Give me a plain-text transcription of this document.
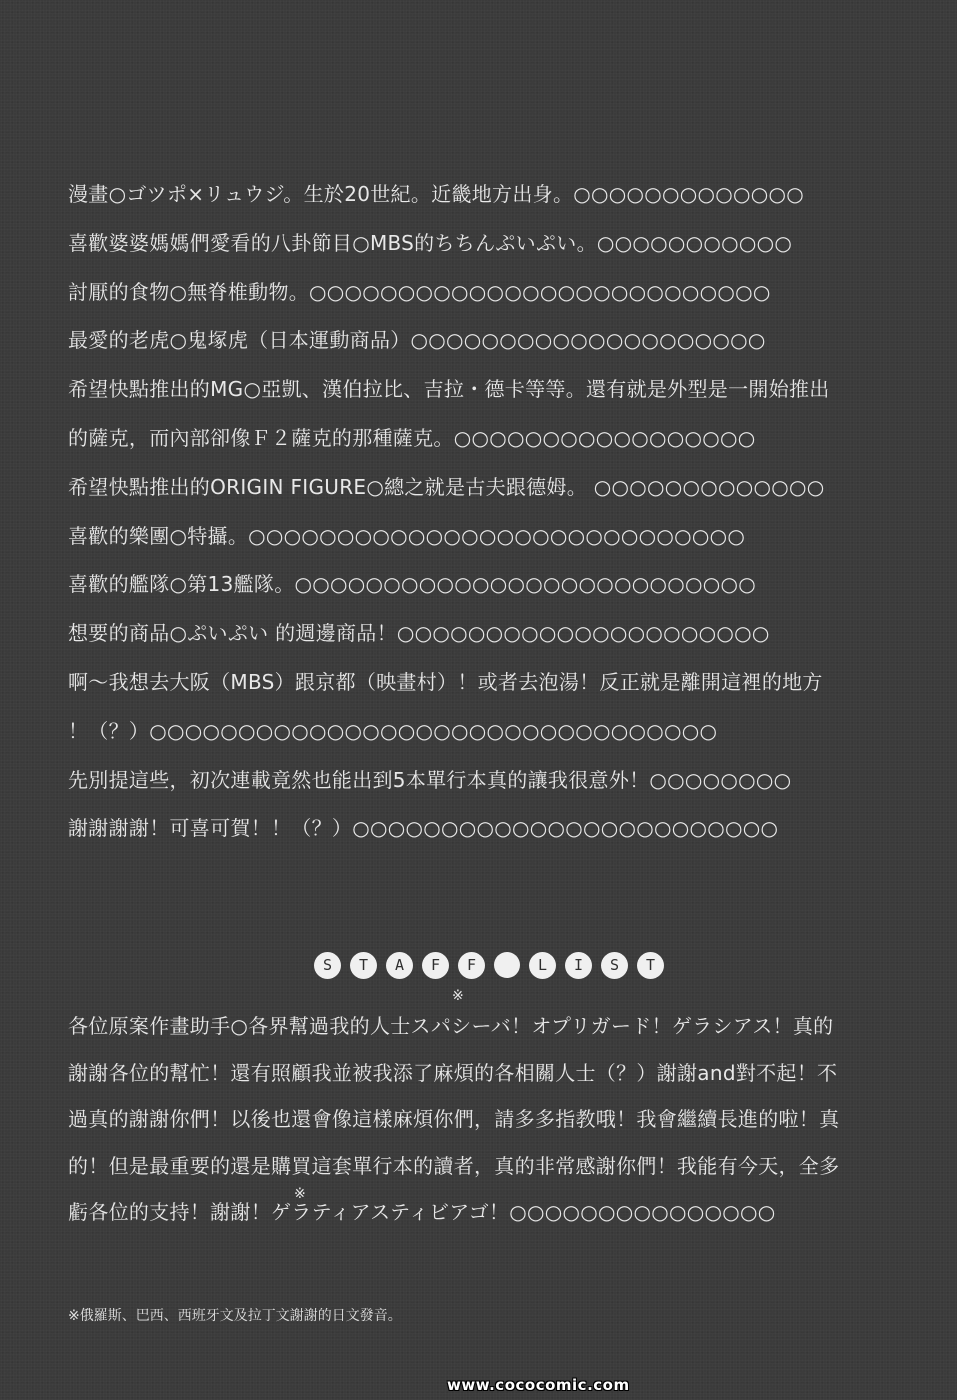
漫畫○ゴツポ×リュウジ。生於20世紀。近畿地方出身。○○○○○○○○○○○○○
喜歡婆婆媽媽們愛看的八卦節目○MBS的ちちんぷいぷい。○○○○○○○○○○○
討厭的食物○無脊椎動物。○○○○○○○○○○○○○○○○○○○○○○○○○○
最愛的老虎○鬼塚虎（日本運動商品）○○○○○○○○○○○○○○○○○○○○
希望快點推出的MG○亞凱、漢伯拉比、吉拉・德卡等等。還有就是外型是一開始推出
的薩克，而內部卻像Ｆ２薩克的那種薩克。○○○○○○○○○○○○○○○○○
希望快點推出的ORIGIN FIGURE○總之就是古夫跟德姆。 ○○○○○○○○○○○○○
喜歡的樂團○特攝。○○○○○○○○○○○○○○○○○○○○○○○○○○○○
喜歡的艦隊○第13艦隊。○○○○○○○○○○○○○○○○○○○○○○○○○○
想要的商品○ぷいぷい 的週邊商品！○○○○○○○○○○○○○○○○○○○○○
啊～我想去大阪（MBS）跟京都（映畫村）！或者去泡湯！反正就是離開這裡的地方
！（？）○○○○○○○○○○○○○○○○○○○○○○○○○○○○○○○○
先別提這些，初次連載竟然也能出到5本單行本真的讓我很意外！○○○○○○○○
謝謝謝謝！可喜可賀！！（？）○○○○○○○○○○○○○○○○○○○○○○○○
S	T	A	F	F	L	I	S	T
※
※
各位原案作畫助手○各界幫過我的人士スパシーバ！オプリガード！ゲラシアス！真的
謝謝各位的幫忙！還有照顧我並被我添了麻煩的各相關人士（？）謝謝and對不起！不
過真的謝謝你們！以後也還會像這樣麻煩你們，請多多指教哦！我會繼續長進的啦！真
的！但是最重要的還是購買這套單行本的讀者，真的非常感謝你們！我能有今天，全多
虧各位的支持！謝謝！ゲラティアスティビアゴ！○○○○○○○○○○○○○○○
※俄羅斯、巴西、西班牙文及拉丁文謝謝的日文發音。
www.cococomic.com
